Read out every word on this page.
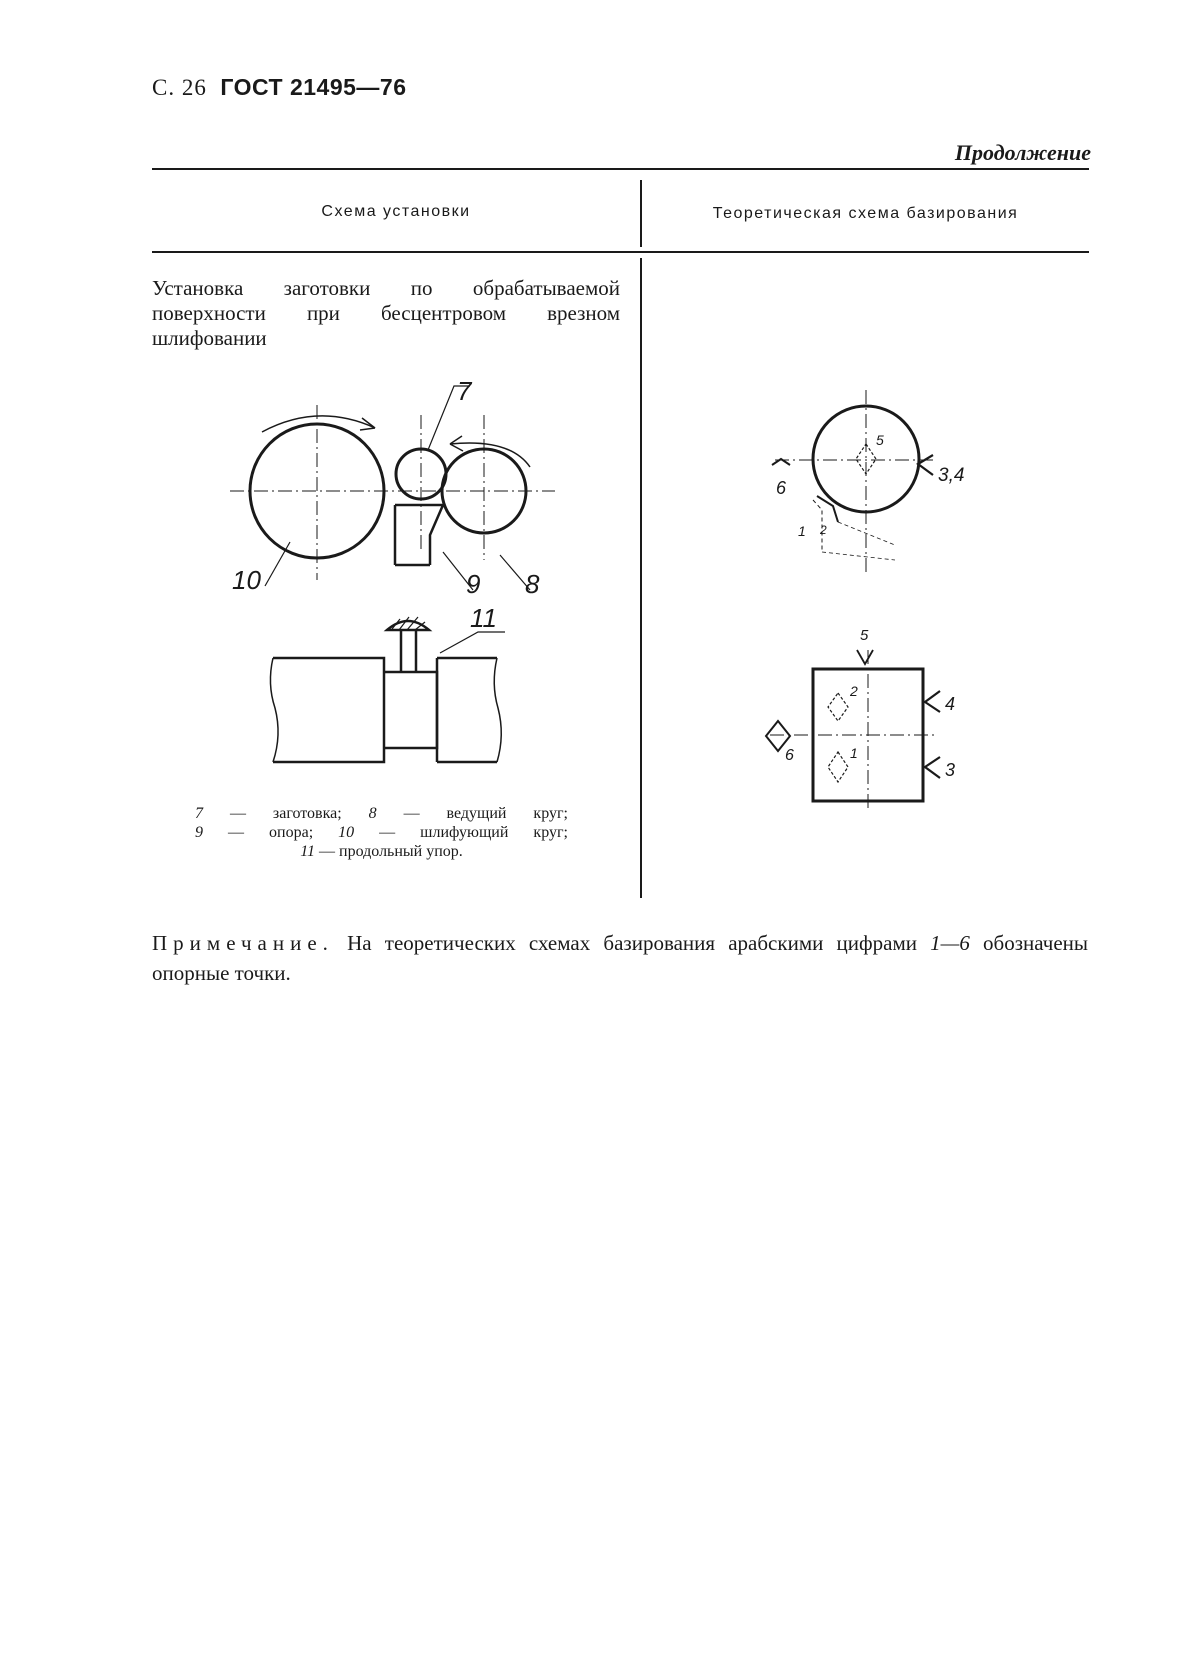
С. 26 ГОСТ 21495—76
Продолжение
Схема установки	Теоретическая схема базирования
Установка заготовки по обрабатываемой поверхности при бесцентровом врезном шлифовании
7
8
9
10
11
7 — заготовка; 8 — ведущий круг;
9 — опора; 10 — шлифующий круг;
11 — продольный упор.
5
3,4
6
1 2
5
2
1
4
3
6
Примечание. На теоретических схемах базирования арабскими цифрами 1—6 обозначены опорные точки.
